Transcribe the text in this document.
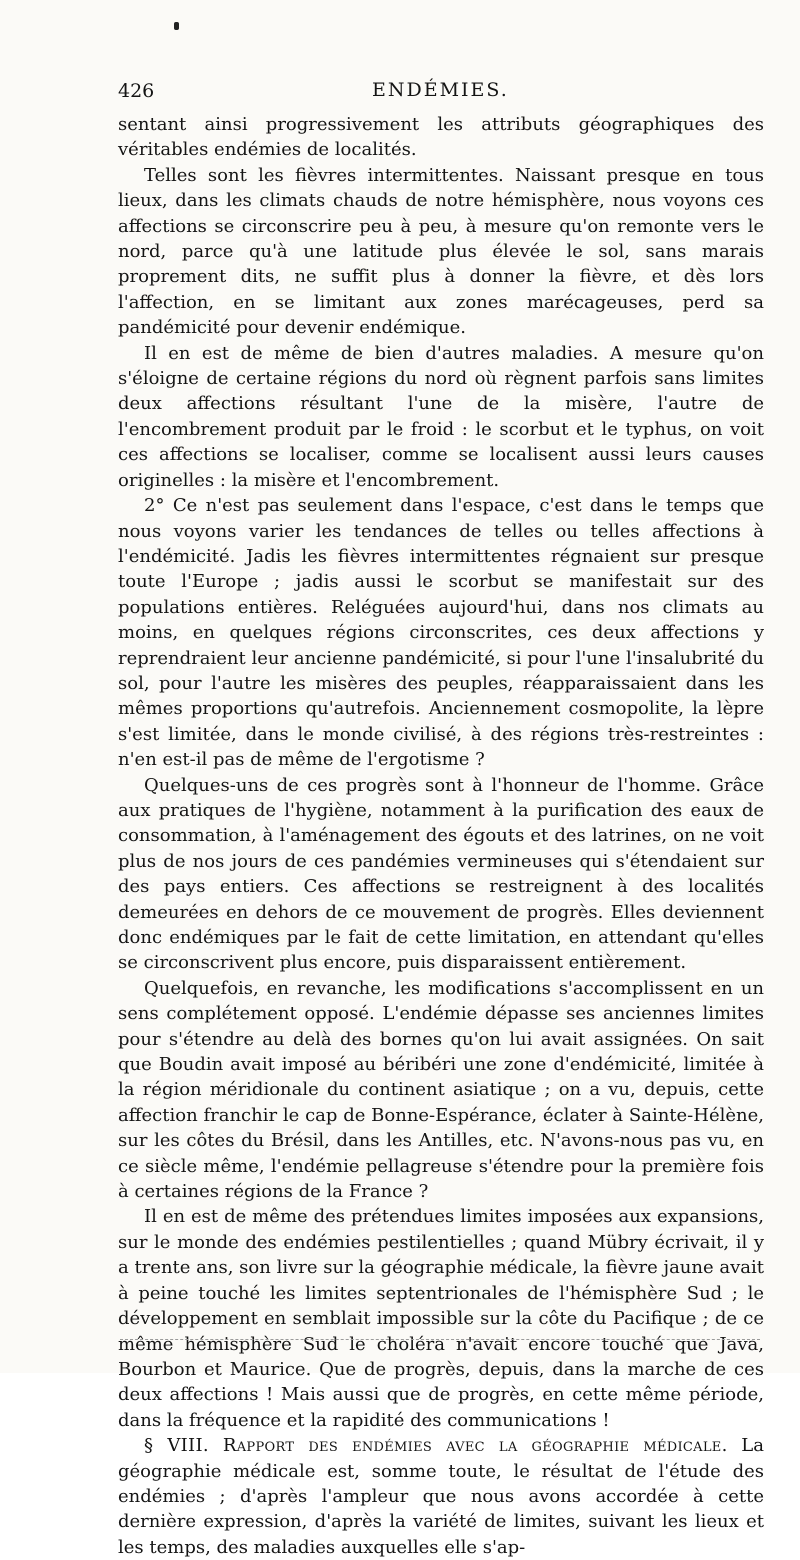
426	ENDÉMIES.

sentant ainsi progressivement les attributs géographiques des véritables endémies de localités.

Telles sont les fièvres intermittentes. Naissant presque en tous lieux, dans les climats chauds de notre hémisphère, nous voyons ces affections se circonscrire peu à peu, à mesure qu'on remonte vers le nord, parce qu'à une latitude plus élevée le sol, sans marais proprement dits, ne suffit plus à donner la fièvre, et dès lors l'affection, en se limitant aux zones marécageuses, perd sa pandémicité pour devenir endémique.

Il en est de même de bien d'autres maladies. A mesure qu'on s'éloigne de certaine régions du nord où règnent parfois sans limites deux affections résultant l'une de la misère, l'autre de l'encombrement produit par le froid : le scorbut et le typhus, on voit ces affections se localiser, comme se localisent aussi leurs causes originelles : la misère et l'encombrement.

2° Ce n'est pas seulement dans l'espace, c'est dans le temps que nous voyons varier les tendances de telles ou telles affections à l'endémicité. Jadis les fièvres intermittentes régnaient sur presque toute l'Europe ; jadis aussi le scorbut se manifestait sur des populations entières. Reléguées aujourd'hui, dans nos climats au moins, en quelques régions circonscrites, ces deux affections y reprendraient leur ancienne pandémicité, si pour l'une l'insalubrité du sol, pour l'autre les misères des peuples, réapparaissaient dans les mêmes proportions qu'autrefois. Anciennement cosmopolite, la lèpre s'est limitée, dans le monde civilisé, à des régions très-restreintes : n'en est-il pas de même de l'ergotisme ?

Quelques-uns de ces progrès sont à l'honneur de l'homme. Grâce aux pratiques de l'hygiène, notamment à la purification des eaux de consommation, à l'aménagement des égouts et des latrines, on ne voit plus de nos jours de ces pandémies vermineuses qui s'étendaient sur des pays entiers. Ces affections se restreignent à des localités demeurées en dehors de ce mouvement de progrès. Elles deviennent donc endémiques par le fait de cette limitation, en attendant qu'elles se circonscrivent plus encore, puis disparaissent entièrement.

Quelquefois, en revanche, les modifications s'accomplissent en un sens complétement opposé. L'endémie dépasse ses anciennes limites pour s'étendre au delà des bornes qu'on lui avait assignées. On sait que Boudin avait imposé au béribéri une zone d'endémicité, limitée à la région méridionale du continent asiatique ; on a vu, depuis, cette affection franchir le cap de Bonne-Espérance, éclater à Sainte-Hélène, sur les côtes du Brésil, dans les Antilles, etc. N'avons-nous pas vu, en ce siècle même, l'endémie pellagreuse s'étendre pour la première fois à certaines régions de la France ?

Il en est de même des prétendues limites imposées aux expansions, sur le monde des endémies pestilentielles ; quand Mübry écrivait, il y a trente ans, son livre sur la géographie médicale, la fièvre jaune avait à peine touché les limites septentrionales de l'hémisphère Sud ; le développement en semblait impossible sur la côte du Pacifique ; de ce même hémisphère Sud le choléra n'avait encore touché que Java, Bourbon et Maurice. Que de progrès, depuis, dans la marche de ces deux affections ! Mais aussi que de progrès, en cette même période, dans la fréquence et la rapidité des communications !

§ VIII. Rapport des endémies avec la géographie médicale. La géographie médicale est, somme toute, le résultat de l'étude des endémies ; d'après l'ampleur que nous avons accordée à cette dernière expression, d'après la variété de limites, suivant les lieux et les temps, des maladies auxquelles elle s'ap-
